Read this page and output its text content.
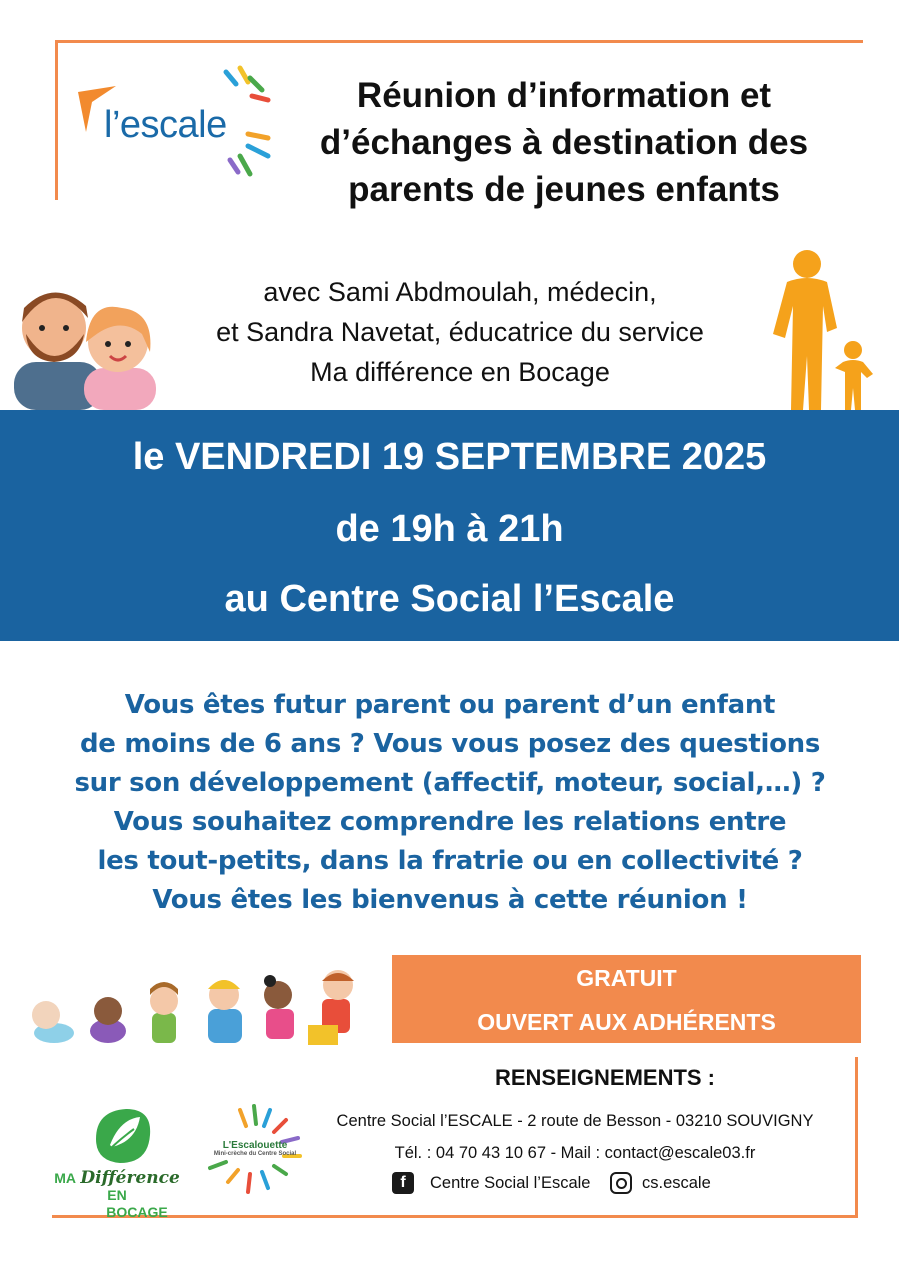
l’escale
Réunion d’information et
d’échanges à destination des
parents de jeunes enfants
avec Sami Abdmoulah, médecin,
et Sandra Navetat, éducatrice du service
Ma différence en Bocage
le VENDREDI 19 SEPTEMBRE 2025
de 19h à 21h
au Centre Social l’Escale
Vous êtes futur parent ou parent d’un enfant
de moins de 6 ans ? Vous vous posez des questions
sur son développement (affectif, moteur, social,…) ?
Vous souhaitez comprendre les relations entre
les tout-petits, dans la fratrie ou en collectivité ?
Vous êtes les bienvenus à cette réunion !
GRATUIT
OUVERT AUX ADHÉRENTS
RENSEIGNEMENTS :
Centre Social l’ESCALE - 2 route de Besson - 03210 SOUVIGNY
Tél. : 04 70 43 10 67 - Mail : contact@escale03.fr
f	Centre Social l’Escale	cs.escale
MA Différence EN
BOCAGE
L'Escalouette
Mini-crèche du Centre Social
